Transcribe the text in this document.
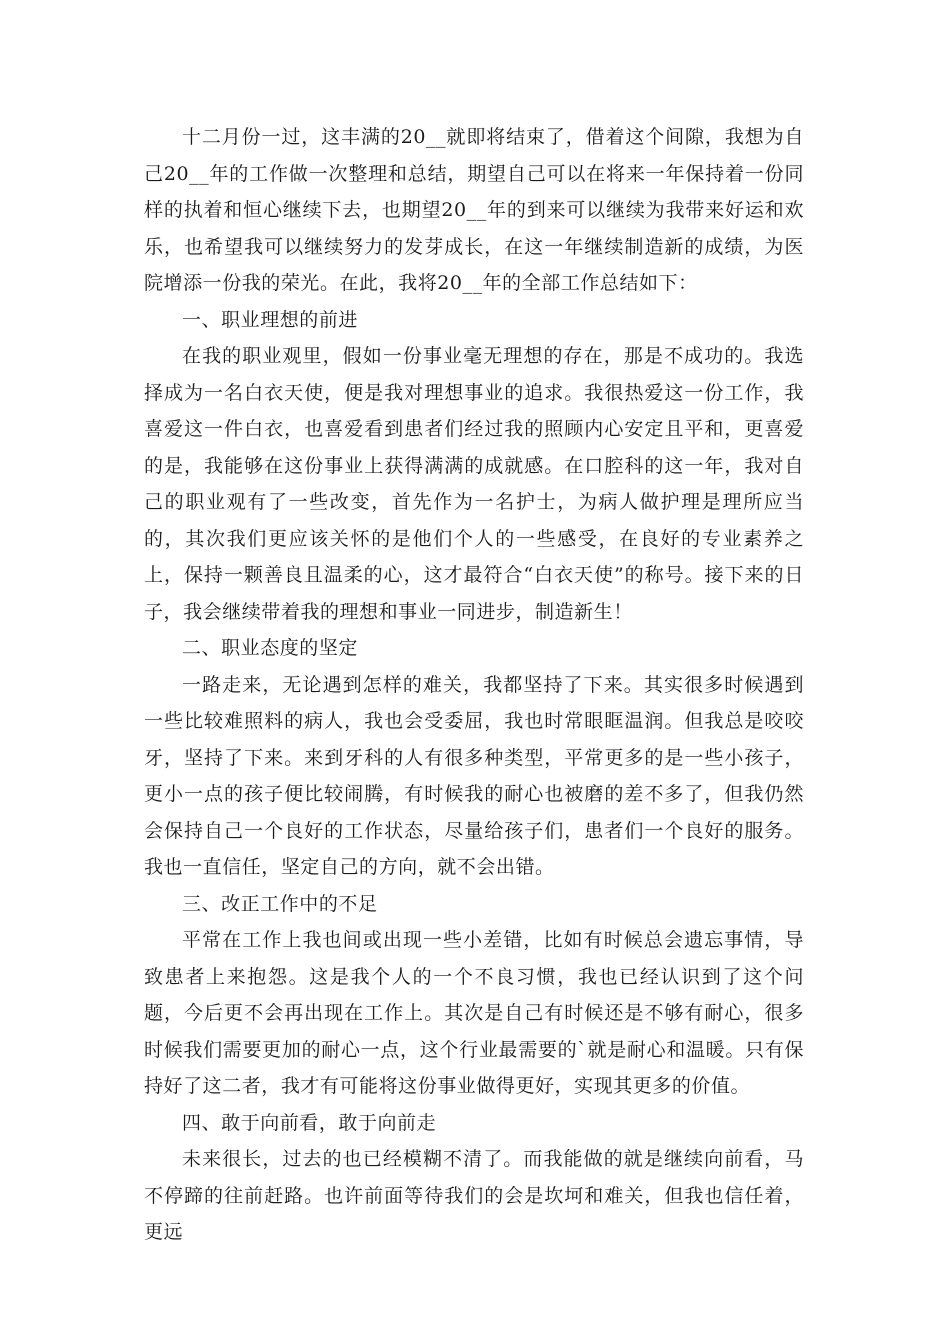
十二月份一过，这丰满的20__就即将结束了，借着这个间隙，我想为自己20__年的工作做一次整理和总结，期望自己可以在将来一年保持着一份同样的执着和恒心继续下去，也期望20__年的到来可以继续为我带来好运和欢乐，也希望我可以继续努力的发芽成长，在这一年继续制造新的成绩，为医院增添一份我的荣光。在此，我将20__年的全部工作总结如下：

一、职业理想的前进

在我的职业观里，假如一份事业毫无理想的存在，那是不成功的。我选择成为一名白衣天使，便是我对理想事业的追求。我很热爱这一份工作，我喜爱这一件白衣，也喜爱看到患者们经过我的照顾内心安定且平和，更喜爱的是，我能够在这份事业上获得满满的成就感。在口腔科的这一年，我对自己的职业观有了一些改变，首先作为一名护士，为病人做护理是理所应当的，其次我们更应该关怀的是他们个人的一些感受，在良好的专业素养之上，保持一颗善良且温柔的心，这才最符合“白衣天使”的称号。接下来的日子，我会继续带着我的理想和事业一同进步，制造新生！

二、职业态度的坚定

一路走来，无论遇到怎样的难关，我都坚持了下来。其实很多时候遇到一些比较难照料的病人，我也会受委屈，我也时常眼眶温润。但我总是咬咬牙，坚持了下来。来到牙科的人有很多种类型，平常更多的是一些小孩子，更小一点的孩子便比较闹腾，有时候我的耐心也被磨的差不多了，但我仍然会保持自己一个良好的工作状态，尽量给孩子们，患者们一个良好的服务。我也一直信任，坚定自己的方向，就不会出错。

三、改正工作中的不足

平常在工作上我也间或出现一些小差错，比如有时候总会遗忘事情，导致患者上来抱怨。这是我个人的一个不良习惯，我也已经认识到了这个问题，今后更不会再出现在工作上。其次是自己有时候还是不够有耐心，很多时候我们需要更加的耐心一点，这个行业最需要的`就是耐心和温暖。只有保持好了这二者，我才有可能将这份事业做得更好，实现其更多的价值。

四、敢于向前看，敢于向前走

未来很长，过去的也已经模糊不清了。而我能做的就是继续向前看，马不停蹄的往前赶路。也许前面等待我们的会是坎坷和难关，但我也信任着，更远
